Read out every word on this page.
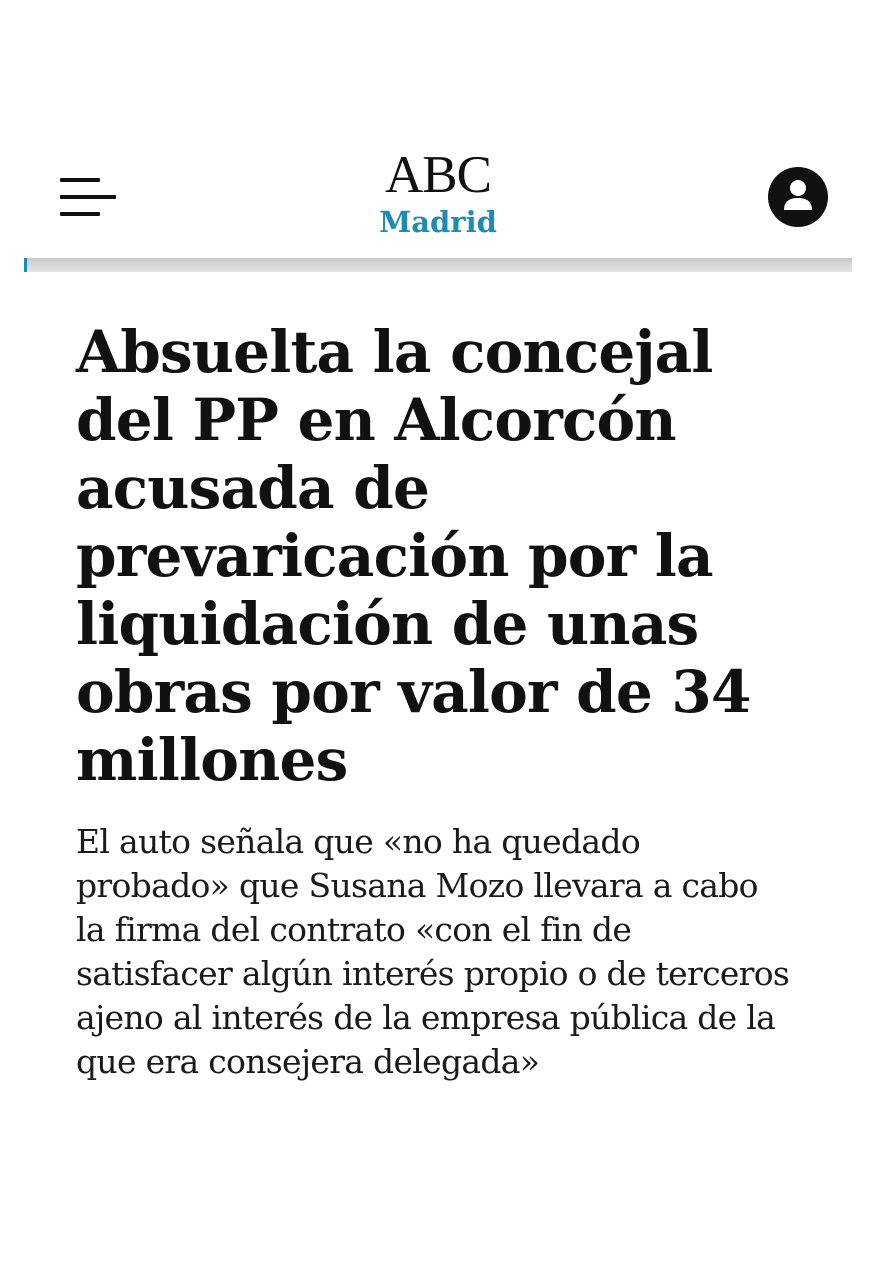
ABC
Madrid
Absuelta la concejal del PP en Alcorcón acusada de prevaricación por la liquidación de unas obras por valor de 34 millones

El auto señala que «no ha quedado probado» que Susana Mozo llevara a cabo la firma del contrato «con el fin de satisfacer algún interés propio o de terceros ajeno al interés de la empresa pública de la que era consejera delegada»
